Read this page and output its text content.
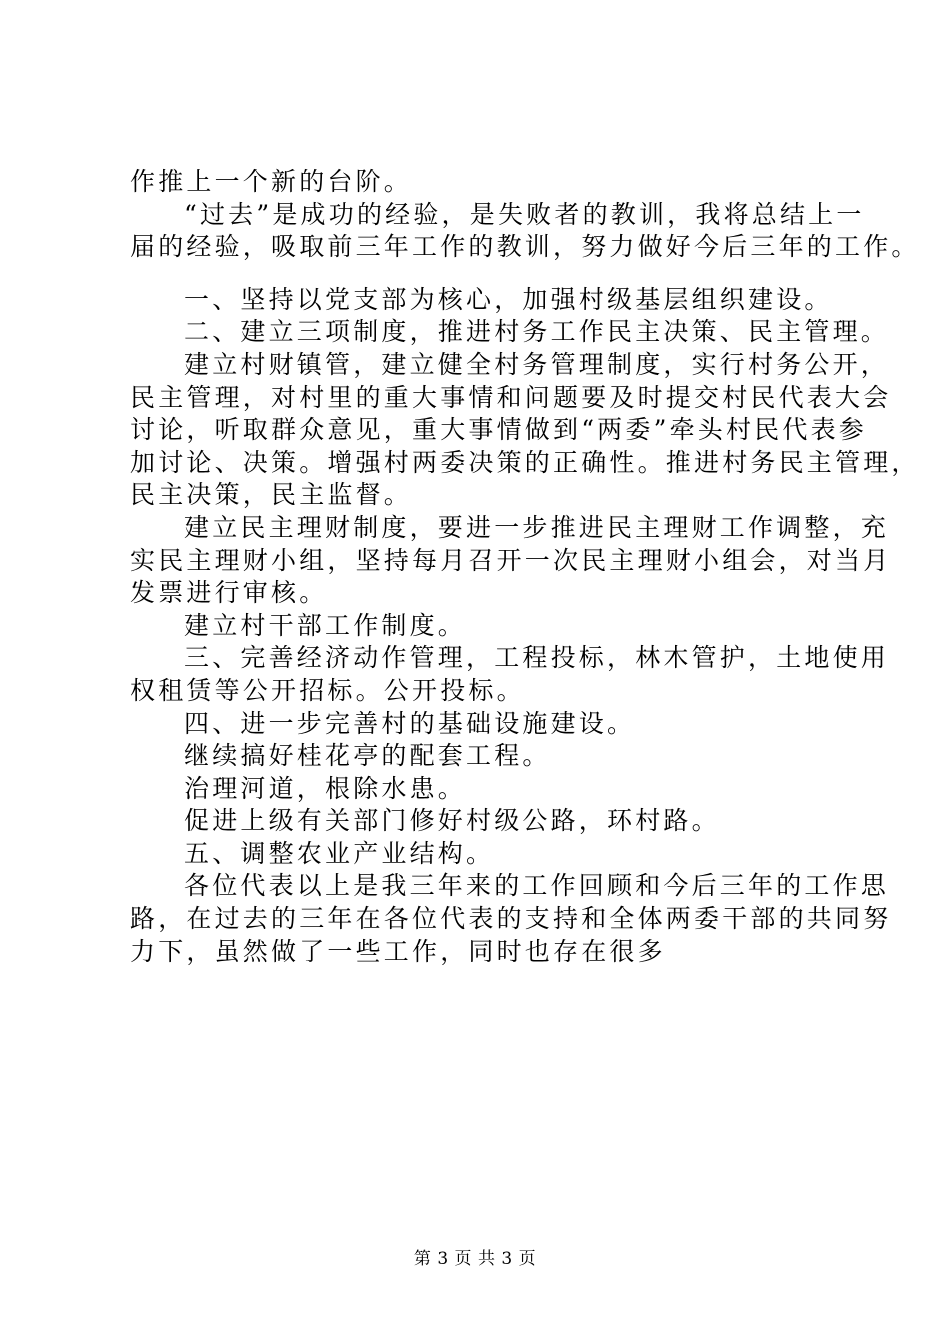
作推上一个新的台阶。

“过去”是成功的经验，是失败者的教训，我将总结上一

届的经验，吸取前三年工作的教训，努力做好今后三年的工作。

一、坚持以党支部为核心，加强村级基层组织建设。

二、建立三项制度，推进村务工作民主决策、民主管理。

建立村财镇管，建立健全村务管理制度，实行村务公开，

民主管理，对村里的重大事情和问题要及时提交村民代表大会

讨论，听取群众意见，重大事情做到“两委”牵头村民代表参

加讨论、决策。增强村两委决策的正确性。推进村务民主管理，

民主决策，民主监督。

建立民主理财制度，要进一步推进民主理财工作调整，充

实民主理财小组，坚持每月召开一次民主理财小组会，对当月

发票进行审核。

建立村干部工作制度。

三、完善经济动作管理，工程投标，林木管护，土地使用

权租赁等公开招标。公开投标。

四、进一步完善村的基础设施建设。

继续搞好桂花亭的配套工程。

治理河道，根除水患。

促进上级有关部门修好村级公路，环村路。

五、调整农业产业结构。

各位代表以上是我三年来的工作回顾和今后三年的工作思

路，在过去的三年在各位代表的支持和全体两委干部的共同努

力下，虽然做了一些工作，同时也存在很多

第 3 页 共 3 页
